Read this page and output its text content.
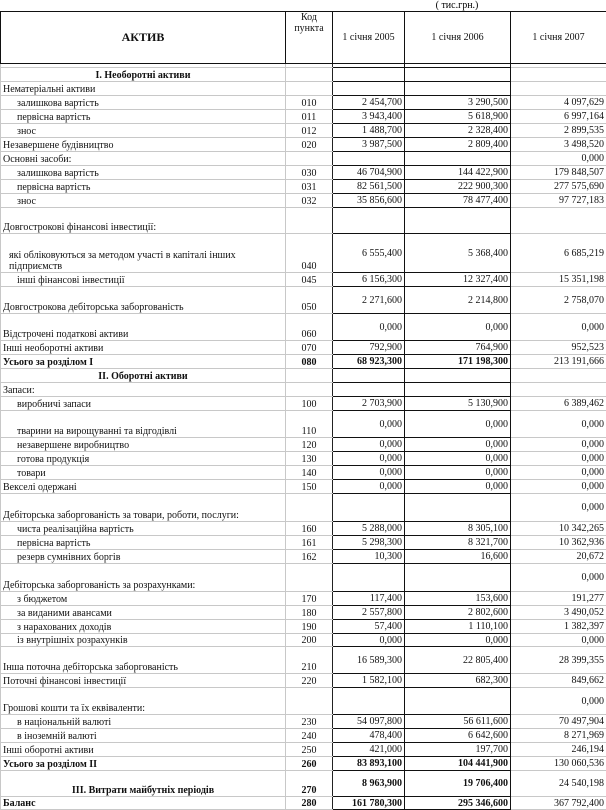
( тис.грн.)
АКТИВ	Код пункта	1 січня 2005	1 січня 2006	1 січня 2007

І. Необоротні активи				
Нематеріальні активи				
залишкова вартість	010	2 454,700	3 290,500	4 097,629
первісна вартість	011	3 943,400	5 618,900	6 997,164
знос	012	1 488,700	2 328,400	2 899,535
Незавершене будівництво	020	3 987,500	2 809,400	3 498,520
Основні засоби:				0,000
залишкова вартість	030	46 704,900	144 422,900	179 848,507
первісна вартість	031	82 561,500	222 900,300	277 575,690
знос	032	35 856,600	78 477,400	97 727,183
Довгострокові фінансові інвестиції:				
які обліковуються за методом участі в капіталі інших підприємств	040	6 555,400	5 368,400	6 685,219
інші фінансові інвестиції	045	6 156,300	12 327,400	15 351,198
Довгострокова дебіторська заборгованість	050	2 271,600	2 214,800	2 758,070
Відстрочені податкові активи	060	0,000	0,000	0,000
Інші необоротні активи	070	792,900	764,900	952,523
Усього за розділом І	080	68 923,300	171 198,300	213 191,666
ІІ. Оборотні активи				
Запаси:				
виробничі запаси	100	2 703,900	5 130,900	6 389,462
тварини на вирощуванні та відгодівлі	110	0,000	0,000	0,000
незавершене виробництво	120	0,000	0,000	0,000
готова продукція	130	0,000	0,000	0,000
товари	140	0,000	0,000	0,000
Векселі одержані	150	0,000	0,000	0,000
Дебіторська заборгованість за товари, роботи, послуги:				0,000
чиста реалізаційна вартість	160	5 288,000	8 305,100	10 342,265
первісна вартість	161	5 298,300	8 321,700	10 362,936
резерв сумнівних боргів	162	10,300	16,600	20,672
Дебіторська заборгованість за розрахунками:				0,000
з бюджетом	170	117,400	153,600	191,277
за виданими авансами	180	2 557,800	2 802,600	3 490,052
з нарахованих доходів	190	57,400	1 110,100	1 382,397
із внутрішніх розрахунків	200	0,000	0,000	0,000
Інша поточна дебіторська заборгованість	210	16 589,300	22 805,400	28 399,355
Поточні фінансові інвестиції	220	1 582,100	682,300	849,662
Грошові кошти та їх еквіваленти:				0,000
в національній валюті	230	54 097,800	56 611,600	70 497,904
в іноземній валюті	240	478,400	6 642,600	8 271,969
Інші оборотні активи	250	421,000	197,700	246,194
Усього за розділом ІІ	260	83 893,100	104 441,900	130 060,536
ІІІ. Витрати майбутніх періодів	270	8 963,900	19 706,400	24 540,198
Баланс	280	161 780,300	295 346,600	367 792,400
